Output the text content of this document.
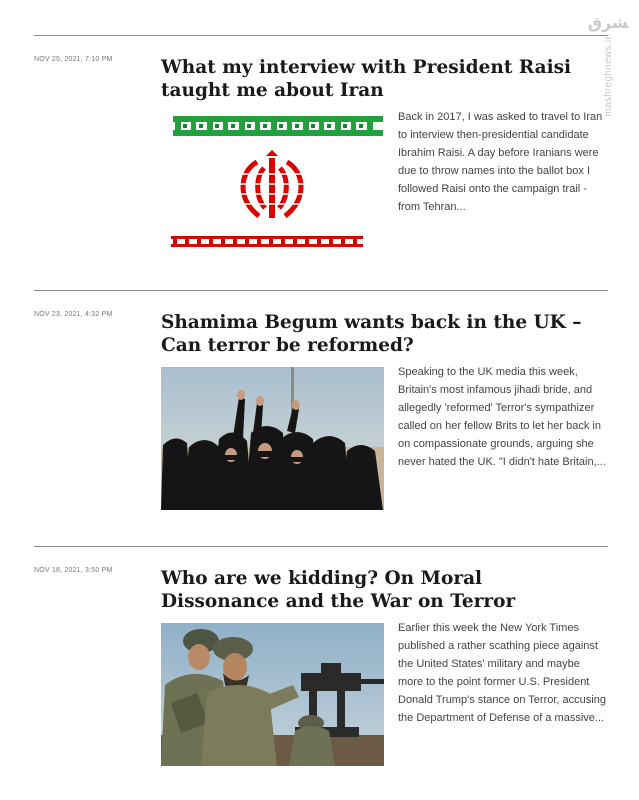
ﺸﺮﻕ
mashreghnews.ir
NOV 25, 2021, 7:10 PM	What my interview with President Raisi taught me about Iran
Back in 2017, I was asked to travel to Iran to interview then-presidential candidate Ibrahim Raisi. A day before Iranians were due to throw names into the ballot box I followed Raisi onto the campaign trail - from Tehran...
NOV 23, 2021, 4:32 PM	Shamima Begum wants back in the UK – Can terror be reformed?
Speaking to the UK media this week, Britain's most infamous jihadi bride, and allegedly 'reformed' Terror's sympathizer called on her fellow Brits to let her back in on compassionate grounds, arguing she never hated the UK. "I didn't hate Britain,...
NOV 18, 2021, 3:50 PM	Who are we kidding? On Moral Dissonance and the War on Terror
Earlier this week the New York Times published a rather scathing piece against the United States' military and maybe more to the point former U.S. President Donald Trump's stance on Terror, accusing the Department of Defense of a massive...
